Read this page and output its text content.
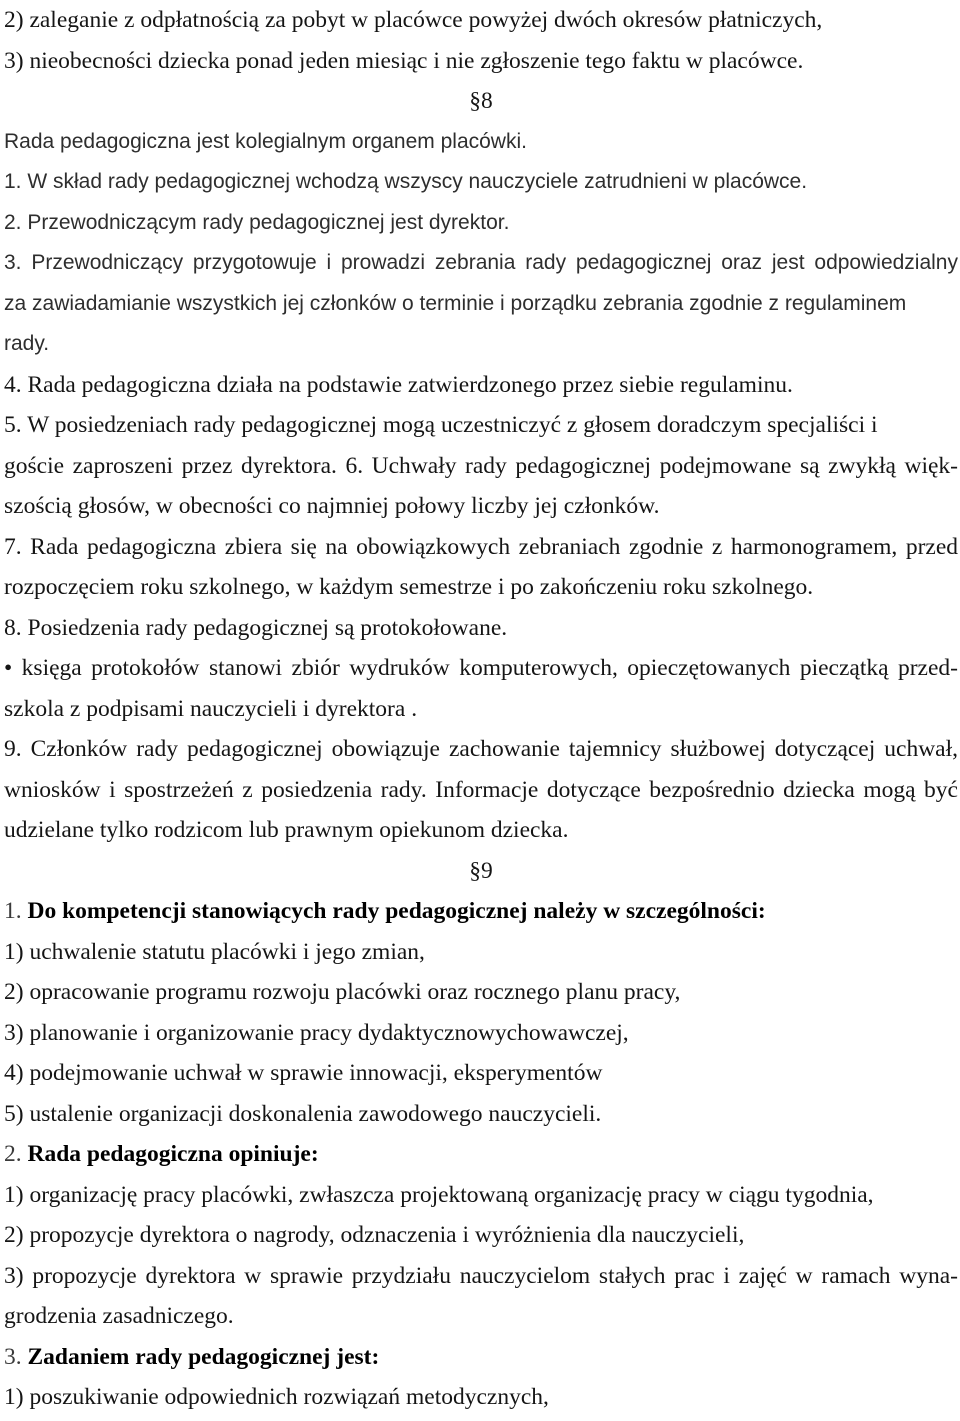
2) zaleganie z odpłatnością za pobyt w placówce powyżej dwóch okresów płatniczych,
3) nieobecności dziecka ponad jeden miesiąc i nie zgłoszenie tego faktu w placówce.
§8
Rada pedagogiczna jest kolegialnym organem placówki.
1. W skład rady pedagogicznej wchodzą wszyscy nauczyciele zatrudnieni w placówce.
2. Przewodniczącym rady pedagogicznej jest dyrektor.
3. Przewodniczący przygotowuje i prowadzi zebrania rady pedagogicznej oraz jest odpowiedzialny
za zawiadamianie wszystkich jej członków o terminie i porządku zebrania zgodnie z regulaminem
rady.
4. Rada pedagogiczna działa na podstawie zatwierdzonego przez siebie regulaminu.
5. W posiedzeniach rady pedagogicznej mogą uczestniczyć z głosem doradczym specjaliści i
goście zaproszeni przez dyrektora. 6. Uchwały rady pedagogicznej podejmowane są zwykłą więk-
szością głosów, w obecności co najmniej połowy liczby jej członków.
7. Rada pedagogiczna zbiera się na obowiązkowych zebraniach zgodnie z harmonogramem, przed
rozpoczęciem roku szkolnego, w każdym semestrze i po zakończeniu roku szkolnego.
8. Posiedzenia rady pedagogicznej są protokołowane.
• księga protokołów stanowi zbiór wydruków komputerowych, opieczętowanych pieczątką przed-
szkola z podpisami nauczycieli i dyrektora .
9. Członków rady pedagogicznej obowiązuje zachowanie tajemnicy służbowej dotyczącej uchwał,
wniosków i spostrzeżeń z posiedzenia rady. Informacje dotyczące bezpośrednio dziecka mogą być
udzielane tylko rodzicom lub prawnym opiekunom dziecka.
§9
1. Do kompetencji stanowiących rady pedagogicznej należy w szczególności:
1) uchwalenie statutu placówki i jego zmian,
2) opracowanie programu rozwoju placówki oraz rocznego planu pracy,
3) planowanie i organizowanie pracy dydaktycznowychowawczej,
4) podejmowanie uchwał w sprawie innowacji, eksperymentów
5) ustalenie organizacji doskonalenia zawodowego nauczycieli.
2. Rada pedagogiczna opiniuje:
1) organizację pracy placówki, zwłaszcza projektowaną organizację pracy w ciągu tygodnia,
2) propozycje dyrektora o nagrody, odznaczenia i wyróżnienia dla nauczycieli,
3) propozycje dyrektora w sprawie przydziału nauczycielom stałych prac i zajęć w ramach wyna-
grodzenia zasadniczego.
3. Zadaniem rady pedagogicznej jest:
1) poszukiwanie odpowiednich rozwiązań metodycznych,
